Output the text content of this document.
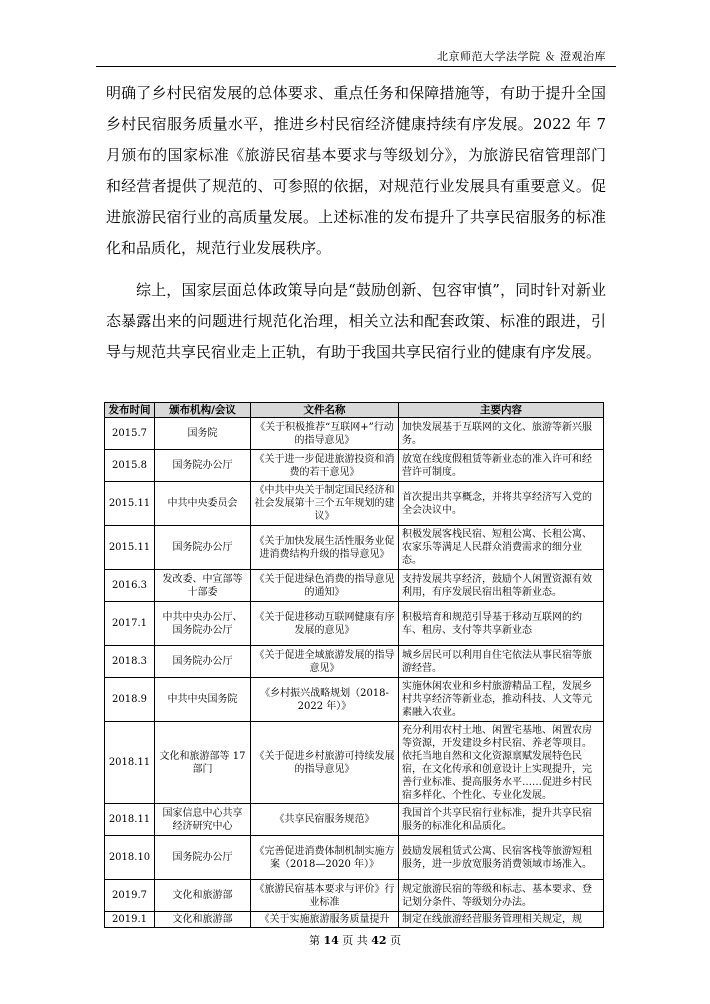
北京师范大学法学院 ＆ 澄观治库

明确了乡村民宿发展的总体要求、重点任务和保障措施等，有助于提升全国乡村民宿服务质量水平，推进乡村民宿经济健康持续有序发展。2022 年 7 月颁布的国家标准《旅游民宿基本要求与等级划分》，为旅游民宿管理部门和经营者提供了规范的、可参照的依据，对规范行业发展具有重要意义。促进旅游民宿行业的高质量发展。上述标准的发布提升了共享民宿服务的标准化和品质化，规范行业发展秩序。

综上，国家层面总体政策导向是“鼓励创新、包容审慎”，同时针对新业态暴露出来的问题进行规范化治理，相关立法和配套政策、标准的跟进，引导与规范共享民宿业走上正轨，有助于我国共享民宿行业的健康有序发展。

发布时间	颁布机构/会议	文件名称	主要内容
2015.7	国务院	《关于积极推荐“互联网+”行动的指导意见》	加快发展基于互联网的文化、旅游等新兴服务。
2015.8	国务院办公厅	《关于进一步促进旅游投资和消费的若干意见》	放宽在线度假租赁等新业态的准入许可和经营许可制度。
2015.11	中共中央委员会	《中共中央关于制定国民经济和社会发展第十三个五年规划的建议》	首次提出共享概念，并将共享经济写入党的全会决议中。
2015.11	国务院办公厅	《关于加快发展生活性服务业促进消费结构升级的指导意见》	积极发展客栈民宿、短租公寓、长租公寓、农家乐等满足人民群众消费需求的细分业态。
2016.3	发改委、中宣部等十部委	《关于促进绿色消费的指导意见的通知》	支持发展共享经济，鼓励个人闲置资源有效利用，有序发展民宿出租等新业态。
2017.1	中共中央办公厅、国务院办公厅	《关于促进移动互联网健康有序发展的意见》	积极培育和规范引导基于移动互联网的约车、租房、支付等共享新业态
2018.3	国务院办公厅	《关于促进全域旅游发展的指导意见》	城乡居民可以利用自住宅依法从事民宿等旅游经营。
2018.9	中共中央国务院	《乡村振兴战略规划（2018-2022 年）》	实施休闲农业和乡村旅游精品工程，发展乡村共享经济等新业态，推动科技、人文等元素融入农业。
2018.11	文化和旅游部等 17 部门	《关于促进乡村旅游可持续发展的指导意见》	充分利用农村土地、闲置宅基地、闲置农房等资源，开发建设乡村民宿、养老等项目。依托当地自然和文化资源禀赋发展特色民宿，在文化传承和创意设计上实现提升，完善行业标准、提高服务水平……促进乡村民宿多样化、个性化、专业化发展。
2018.11	国家信息中心共享经济研究中心	《共享民宿服务规范》	我国首个共享民宿行业标准，提升共享民宿服务的标准化和品质化。
2018.10	国务院办公厅	《完善促进消费体制机制实施方案（2018—2020 年）》	鼓励发展租赁式公寓、民宿客栈等旅游短租服务，进一步放宽服务消费领域市场准入。
2019.7	文化和旅游部	《旅游民宿基本要求与评价》行业标准	规定旅游民宿的等级和标志、基本要求、登记划分条件、等级划分办法。
2019.1	文化和旅游部	《关于实施旅游服务质量提升	制定在线旅游经营服务管理相关规定，规
第 14 页 共 42 页
